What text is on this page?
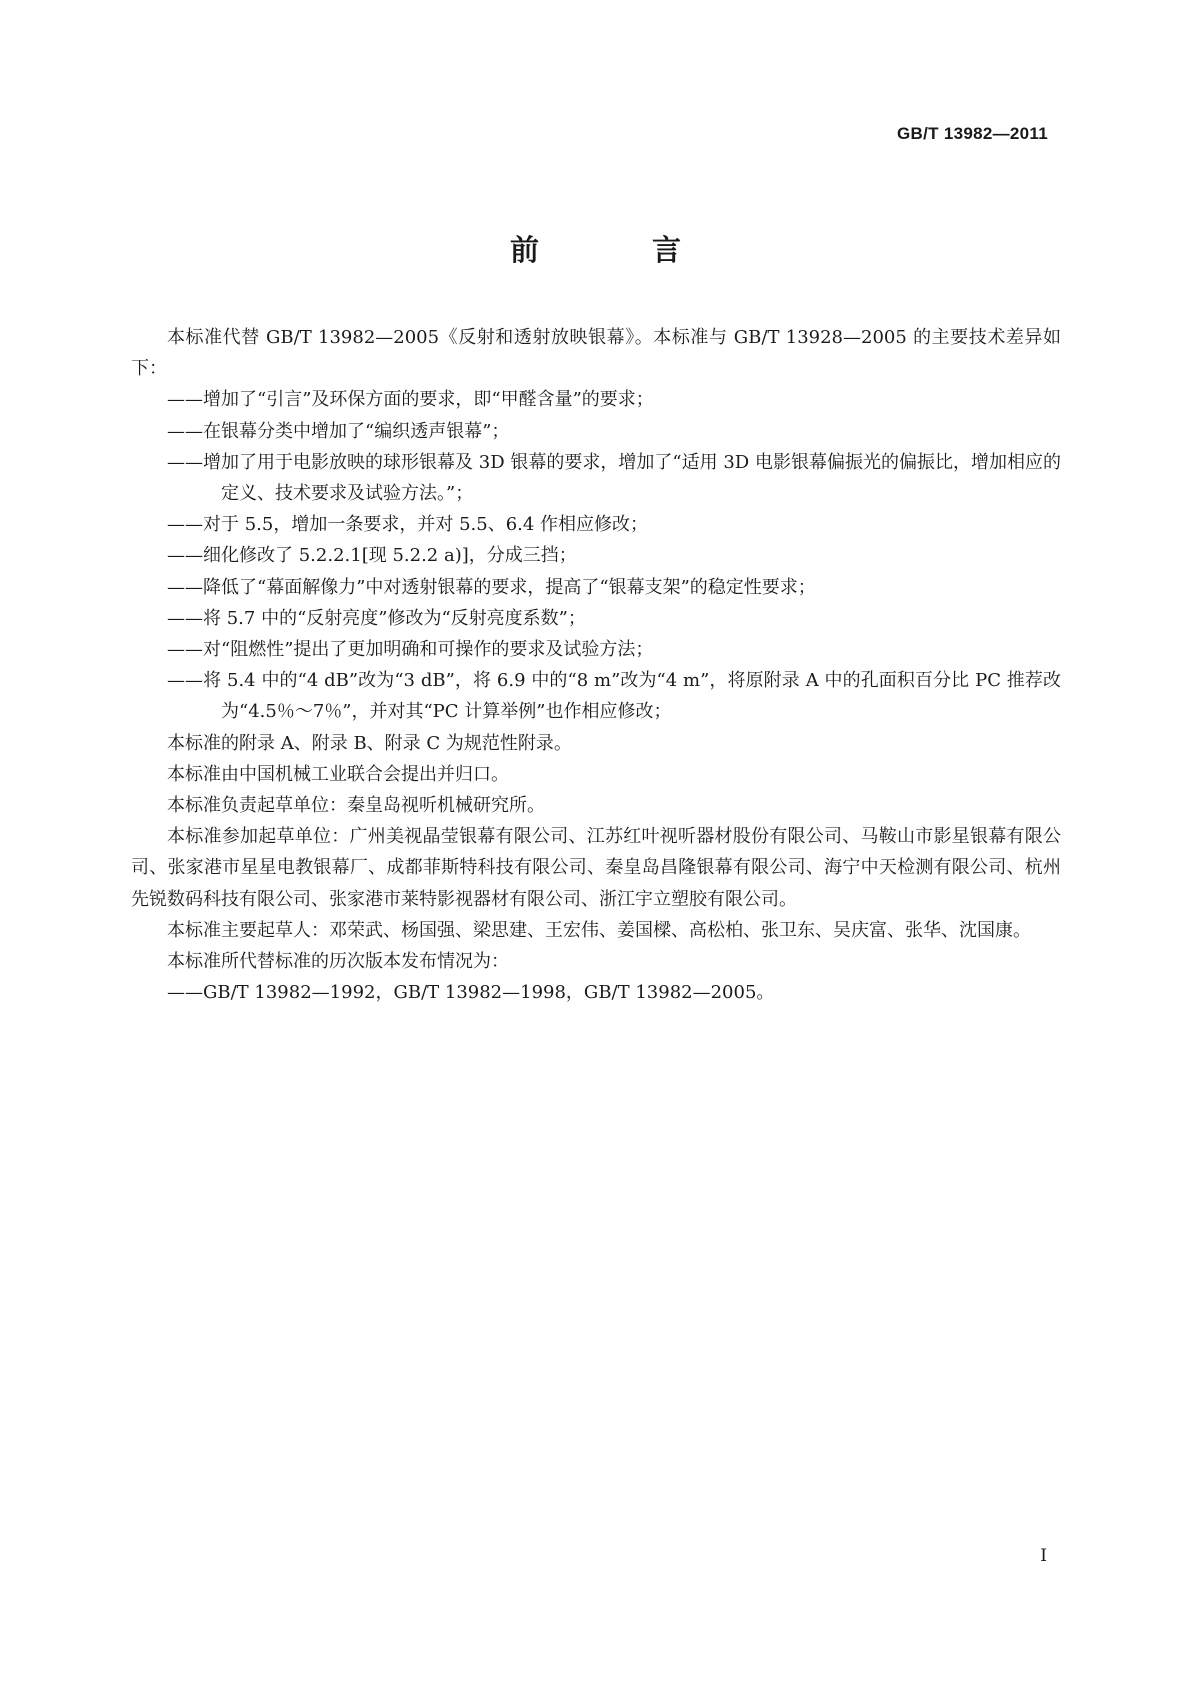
GB/T 13982—2011
前　言

本标准代替 GB/T 13982—2005《反射和透射放映银幕》。本标准与 GB/T 13928—2005 的主要技术差异如下：

——增加了“引言”及环保方面的要求，即“甲醛含量”的要求；

——在银幕分类中增加了“编织透声银幕”；

——增加了用于电影放映的球形银幕及 3D 银幕的要求，增加了“适用 3D 电影银幕偏振光的偏振比，增加相应的定义、技术要求及试验方法。”；

——对于 5.5，增加一条要求，并对 5.5、6.4 作相应修改；

——细化修改了 5.2.2.1[现 5.2.2 a)]，分成三挡；

——降低了“幕面解像力”中对透射银幕的要求，提高了“银幕支架”的稳定性要求；

——将 5.7 中的“反射亮度”修改为“反射亮度系数”；

——对“阻燃性”提出了更加明确和可操作的要求及试验方法；

——将 5.4 中的“4 dB”改为“3 dB”，将 6.9 中的“8 m”改为“4 m”，将原附录 A 中的孔面积百分比 PC 推荐改为“4.5％～7％”，并对其“PC 计算举例”也作相应修改；

本标准的附录 A、附录 B、附录 C 为规范性附录。

本标准由中国机械工业联合会提出并归口。

本标准负责起草单位：秦皇岛视听机械研究所。

本标准参加起草单位：广州美视晶莹银幕有限公司、江苏红叶视听器材股份有限公司、马鞍山市影星银幕有限公司、张家港市星星电教银幕厂、成都菲斯特科技有限公司、秦皇岛昌隆银幕有限公司、海宁中天检测有限公司、杭州先锐数码科技有限公司、张家港市莱特影视器材有限公司、浙江宇立塑胶有限公司。

本标准主要起草人：邓荣武、杨国强、梁思建、王宏伟、姜国樑、高松柏、张卫东、吴庆富、张华、沈国康。

本标准所代替标准的历次版本发布情况为：

——GB/T 13982—1992，GB/T 13982—1998，GB/T 13982—2005。

I
